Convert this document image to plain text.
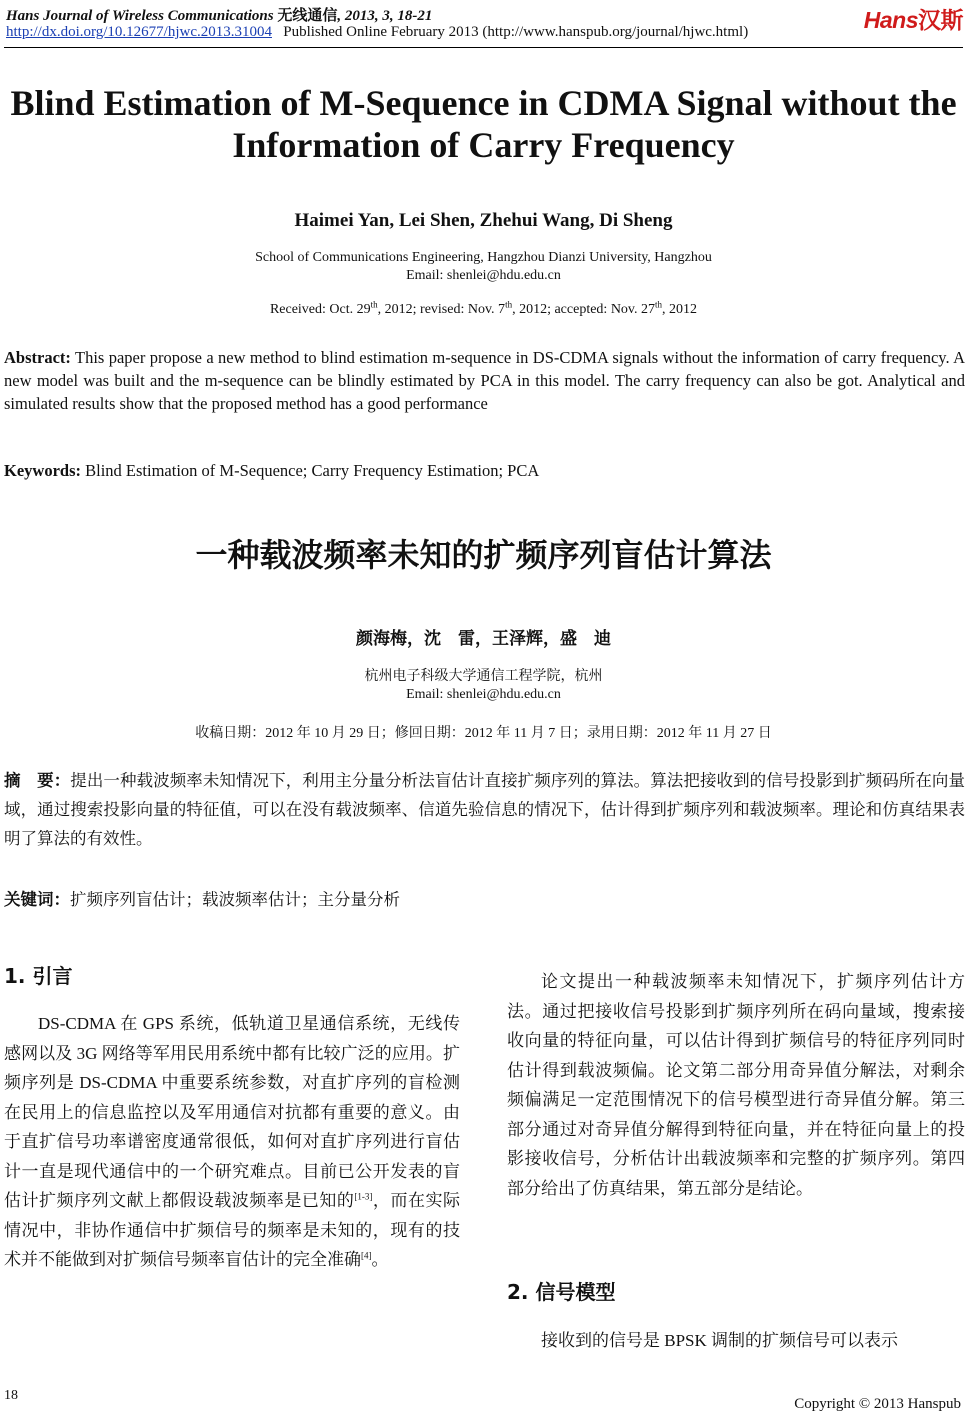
Hans Journal of Wireless Communications 无线通信, 2013, 3, 18-21
http://dx.doi.org/10.12677/hjwc.2013.31004 Published Online February 2013 (http://www.hanspub.org/journal/hjwc.html)	Hans汉斯
Blind Estimation of M-Sequence in CDMA Signal without the Information of Carry Frequency
Haimei Yan, Lei Shen, Zhehui Wang, Di Sheng
School of Communications Engineering, Hangzhou Dianzi University, Hangzhou
Email: shenlei@hdu.edu.cn
Received: Oct. 29th, 2012; revised: Nov. 7th, 2012; accepted: Nov. 27th, 2012
Abstract: This paper propose a new method to blind estimation m-sequence in DS-CDMA signals without the information of carry frequency. A new model was built and the m-sequence can be blindly estimated by PCA in this model. The carry frequency can also be got. Analytical and simulated results show that the proposed method has a good performance
Keywords: Blind Estimation of M-Sequence; Carry Frequency Estimation; PCA
一种载波频率未知的扩频序列盲估计算法
颜海梅，沈　雷，王泽辉，盛　迪
杭州电子科级大学通信工程学院，杭州
Email: shenlei@hdu.edu.cn
收稿日期：2012 年 10 月 29 日；修回日期：2012 年 11 月 7 日；录用日期：2012 年 11 月 27 日
摘　要：提出一种载波频率未知情况下，利用主分量分析法盲估计直接扩频序列的算法。算法把接收到的信号投影到扩频码所在向量域，通过搜索投影向量的特征值，可以在没有载波频率、信道先验信息的情况下，估计得到扩频序列和载波频率。理论和仿真结果表明了算法的有效性。
关键词：扩频序列盲估计；载波频率估计；主分量分析
1. 引言
DS-CDMA 在 GPS 系统，低轨道卫星通信系统，无线传感网以及 3G 网络等军用民用系统中都有比较广泛的应用。扩频序列是 DS-CDMA 中重要系统参数，对直扩序列的盲检测在民用上的信息监控以及军用通信对抗都有重要的意义。由于直扩信号功率谱密度通常很低，如何对直扩序列进行盲估计一直是现代通信中的一个研究难点。目前已公开发表的盲估计扩频序列文献上都假设载波频率是已知的[1-3]，而在实际情况中，非协作通信中扩频信号的频率是未知的，现有的技术并不能做到对扩频信号频率盲估计的完全准确[4]。
论文提出一种载波频率未知情况下，扩频序列估计方法。通过把接收信号投影到扩频序列所在码向量域，搜索接收向量的特征向量，可以估计得到扩频信号的特征序列同时估计得到载波频偏。论文第二部分用奇异值分解法，对剩余频偏满足一定范围情况下的信号模型进行奇异值分解。第三部分通过对奇异值分解得到特征向量，并在特征向量上的投影接收信号，分析估计出载波频率和完整的扩频序列。第四部分给出了仿真结果，第五部分是结论。
2. 信号模型
接收到的信号是 BPSK 调制的扩频信号可以表示
18
Copyright © 2013 Hanspub
